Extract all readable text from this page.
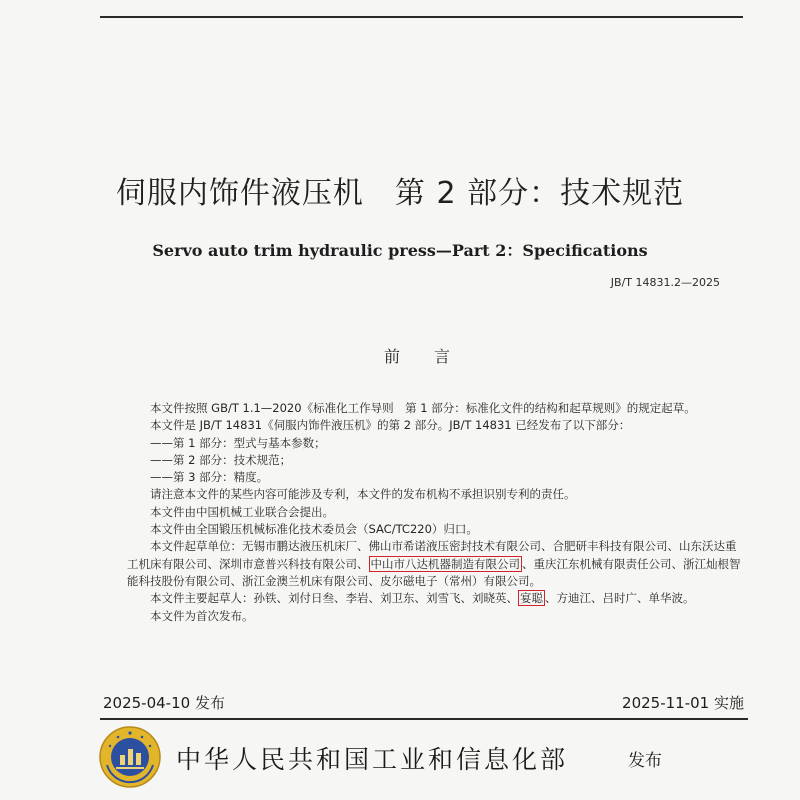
伺服内饰件液压机　第 2 部分：技术规范
Servo auto trim hydraulic press—Part 2：Specifications
JB/T 14831.2—2025
前言

本文件按照 GB/T 1.1—2020《标准化工作导则　第 1 部分：标准化文件的结构和起草规则》的规定起草。

本文件是 JB/T 14831《伺服内饰件液压机》的第 2 部分。JB/T 14831 已经发布了以下部分：

——第 1 部分：型式与基本参数；

——第 2 部分：技术规范；

——第 3 部分：精度。

请注意本文件的某些内容可能涉及专利，本文件的发布机构不承担识别专利的责任。

本文件由中国机械工业联合会提出。

本文件由全国锻压机械标准化技术委员会（SAC/TC220）归口。

本文件起草单位：无锡市鹏达液压机床厂、佛山市希诺液压密封技术有限公司、合肥研丰科技有限公司、山东沃达重工机床有限公司、深圳市意普兴科技有限公司、 中山市八达机器制造有限公司 、重庆江东机械有限责任公司、浙江灿根智能科技股份有限公司、浙江金澳兰机床有限公司、皮尔磁电子（常州）有限公司。

本文件主要起草人：孙铁、刘付日叁、李岩、刘卫东、刘雪飞、刘晓英、 宴聪 、方迪江、吕时广、单华波。

本文件为首次发布。

2025-04-10 发布	2025-11-01 实施
中华人民共和国工业和信息化部	发布
